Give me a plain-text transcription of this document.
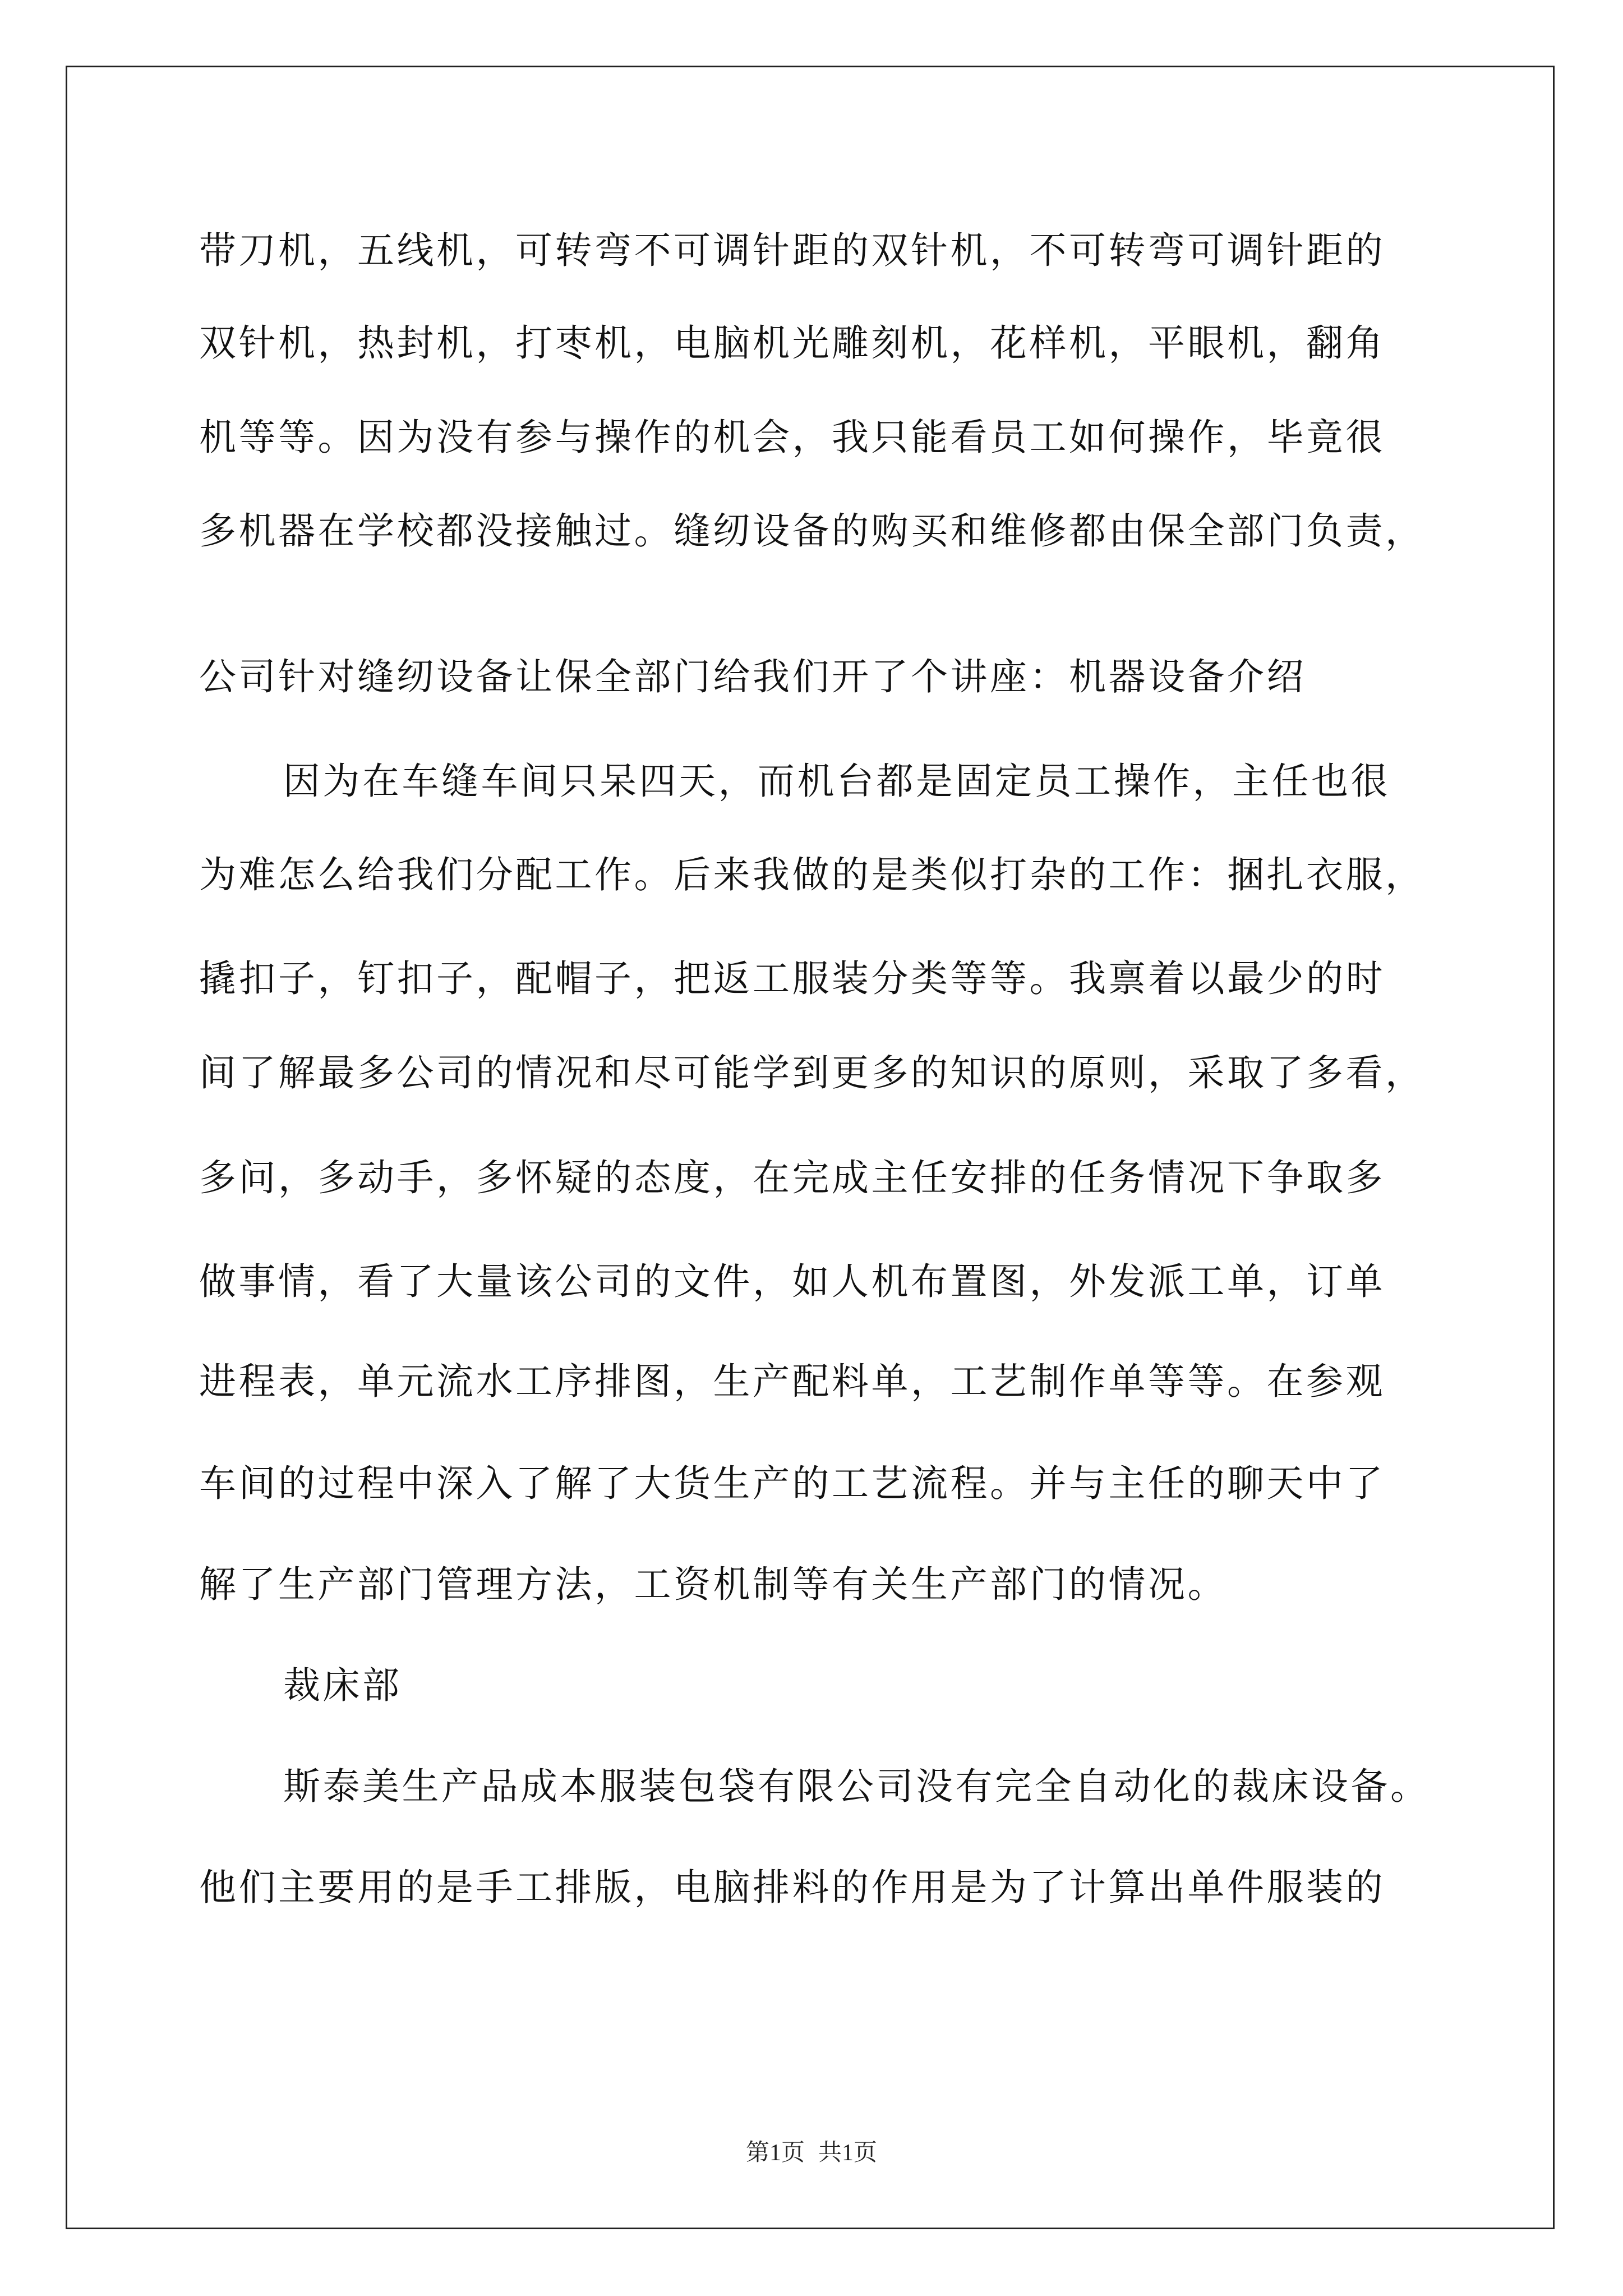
带刀机，五线机，可转弯不可调针距的双针机，不可转弯可调针距的
双针机，热封机，打枣机，电脑机光雕刻机，花样机，平眼机，翻角
机等等。因为没有参与操作的机会，我只能看员工如何操作，毕竟很
多机器在学校都没接触过。缝纫设备的购买和维修都由保全部门负责，
公司针对缝纫设备让保全部门给我们开了个讲座：机器设备介绍
因为在车缝车间只呆四天，而机台都是固定员工操作，主任也很
为难怎么给我们分配工作。后来我做的是类似打杂的工作：捆扎衣服，
撬扣子，钉扣子，配帽子，把返工服装分类等等。我禀着以最少的时
间了解最多公司的情况和尽可能学到更多的知识的原则，采取了多看，
多问，多动手，多怀疑的态度，在完成主任安排的任务情况下争取多
做事情，看了大量该公司的文件，如人机布置图，外发派工单，订单
进程表，单元流水工序排图，生产配料单，工艺制作单等等。在参观
车间的过程中深入了解了大货生产的工艺流程。并与主任的聊天中了
解了生产部门管理方法，工资机制等有关生产部门的情况。
裁床部
斯泰美生产品成本服装包袋有限公司没有完全自动化的裁床设备。
他们主要用的是手工排版，电脑排料的作用是为了计算出单件服装的
第1页 共1页
